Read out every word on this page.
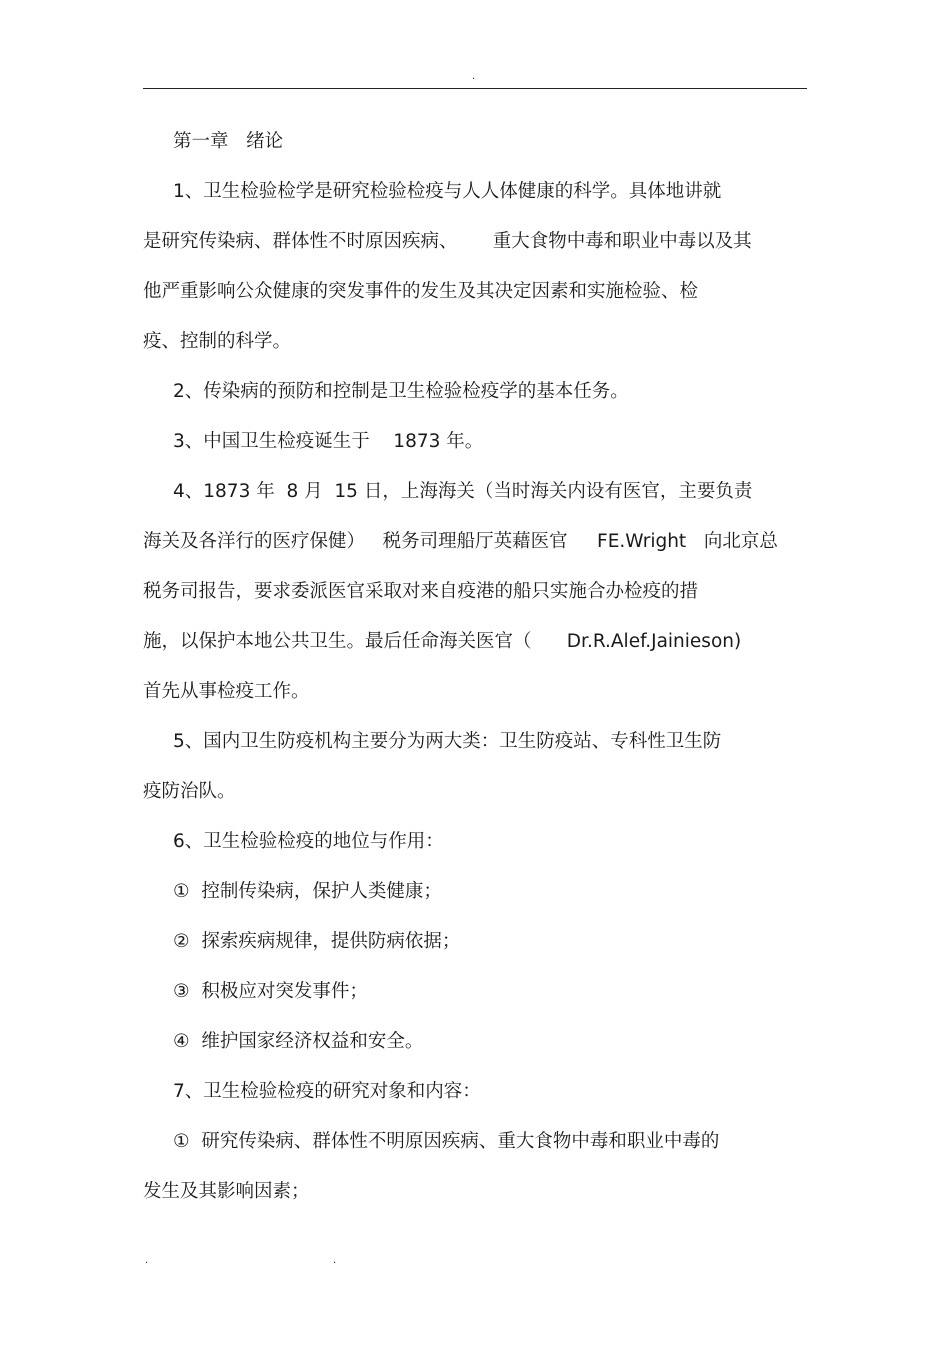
.
第一章   绪论
1、卫生检验检学是研究检验检疫与人人体健康的科学。具体地讲就
是研究传染病、群体性不时原因疾病、      重大食物中毒和职业中毒以及其
他严重影响公众健康的突发事件的发生及其决定因素和实施检验、检
疫、控制的科学。
2、传染病的预防和控制是卫生检验检疫学的基本任务。
3、中国卫生检疫诞生于    1873 年。
4、1873 年  8 月  15 日，上海海关（当时海关内设有医官，主要负责
海关及各洋行的医疗保健）   税务司理船厅英藉医官     FE.Wright   向北京总
税务司报告，要求委派医官采取对来自疫港的船只实施合办检疫的措
施，以保护本地公共卫生。最后任命海关医官（      Dr.R.Alef.Jainieson)
首先从事检疫工作。
5、国内卫生防疫机构主要分为两大类：卫生防疫站、专科性卫生防
疫防治队。
6、卫生检验检疫的地位与作用：
①  控制传染病，保护人类健康；
②  探索疾病规律，提供防病依据；
③  积极应对突发事件；
④  维护国家经济权益和安全。
7、卫生检验检疫的研究对象和内容：
①  研究传染病、群体性不明原因疾病、重大食物中毒和职业中毒的
发生及其影响因素；
.	.
